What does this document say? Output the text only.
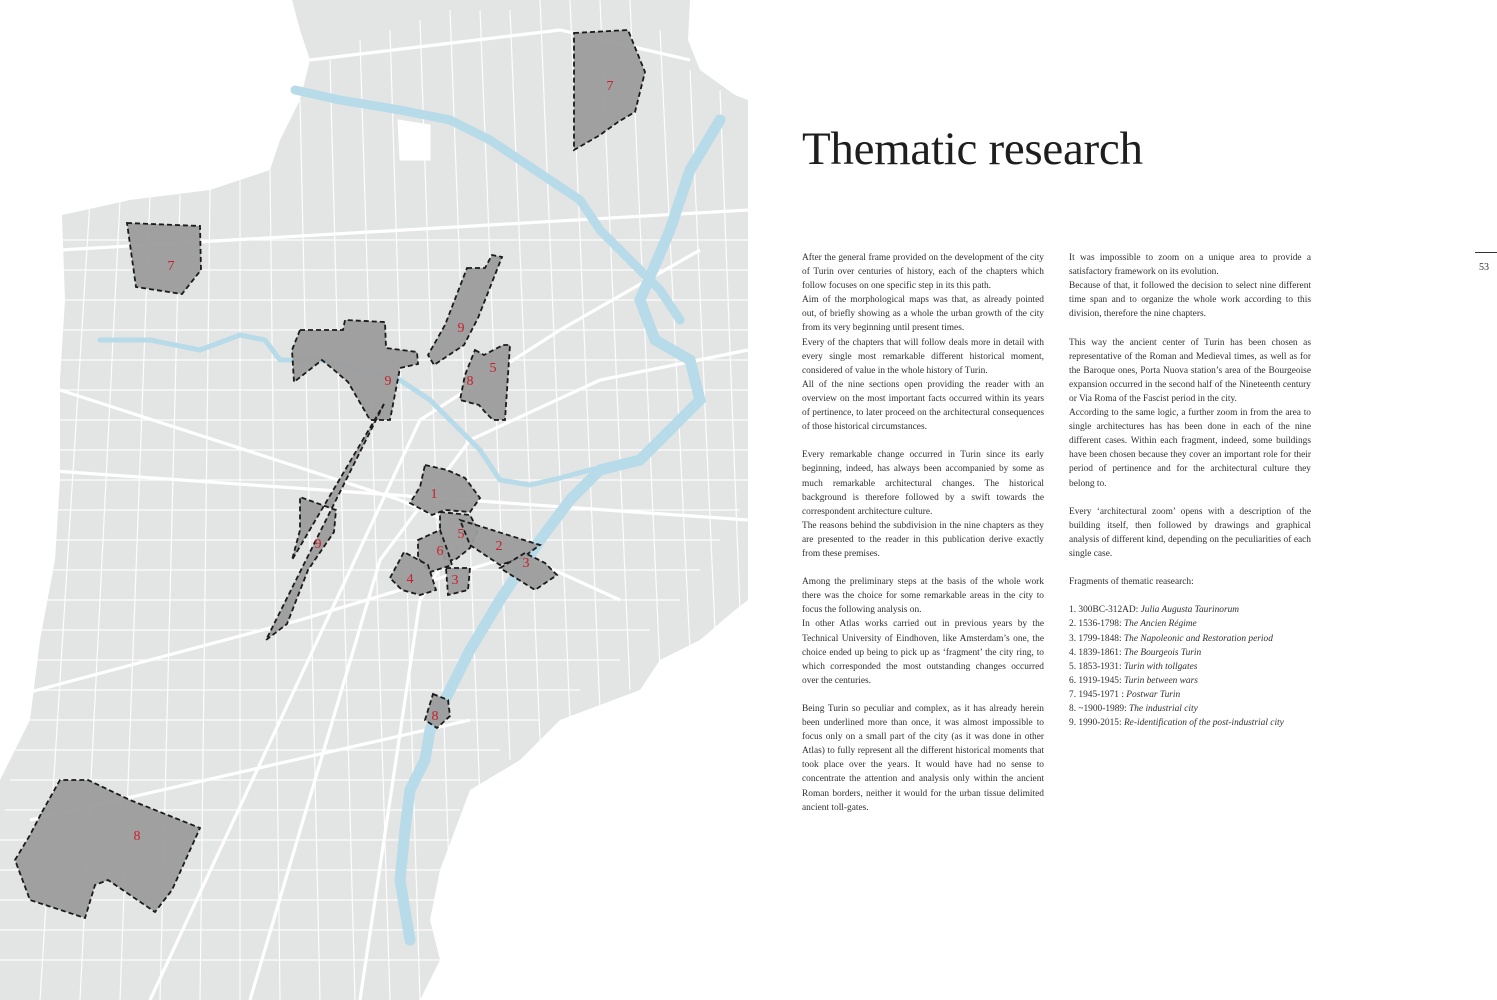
7
7
9
9
9
5
8
1
5
2
3
6
4	3
8
8
Thematic research
53

After the general frame provided on the development of the city of Turin over centuries of history, each of the chapters which follow focuses on one specific step in its this path.

Aim of the morphological maps was that, as already pointed out, of briefly showing as a whole the urban growth of the city from its very beginning until present times.

Every of the chapters that will follow deals more in detail with every single most remarkable different historical moment, considered of value in the whole history of Turin.

All of the nine sections open providing the reader with an overview on the most important facts occurred within its years of pertinence, to later proceed on the architectural consequences of those historical circumstances.

Every remarkable change occurred in Turin since its early beginning, indeed, has always been accompanied by some as much remarkable architectural changes. The historical background is therefore followed by a swift towards the correspondent architecture culture.

The reasons behind the subdivision in the nine chapters as they are presented to the reader in this publication derive exactly from these premises.

Among the preliminary steps at the basis of the whole work there was the choice for some remarkable areas in the city to focus the following analysis on.

In other Atlas works carried out in previous years by the Technical University of Eindhoven, like Amsterdam’s one, the choice ended up being to pick up as ‘fragment’ the city ring, to which corresponded the most outstanding changes occurred over the centuries.

Being Turin so peculiar and complex, as it has already herein been underlined more than once, it was almost impossible to focus only on a small part of the city (as it was done in other Atlas) to fully represent all the different historical moments that took place over the years. It would have had no sense to concentrate the attention and analysis only within the ancient Roman borders, neither it would for the urban tissue delimited ancient toll-gates.

It was impossible to zoom on a unique area to provide a satisfactory framework on its evolution.

Because of that, it followed the decision to select nine different time span and to organize the whole work according to this division, therefore the nine chapters.

This way the ancient center of Turin has been chosen as representative of the Roman and Medieval times, as well as for the Baroque ones, Porta Nuova station’s area of the Bourgeoise expansion occurred in the second half of the Nineteenth century or Via Roma of the Fascist period in the city.

According to the same logic, a further zoom in from the area to single architectures has has been done in each of the nine different cases. Within each fragment, indeed, some buildings have been chosen because they cover an important role for their period of pertinence and for the architectural culture they belong to.

Every ‘architectural zoom’ opens with a description of the building itself, then followed by drawings and graphical analysis of different kind, depending on the peculiarities of each single case.

Fragments of thematic reasearch:

1. 300BC-312AD: Julia Augusta Taurinorum
2. 1536-1798: The Ancien Régime
3. 1799-1848: The Napoleonic and Restoration period
4. 1839-1861: The Bourgeois Turin
5. 1853-1931: Turin with tollgates
6. 1919-1945: Turin between wars
7. 1945-1971 : Postwar Turin
8. ~1900-1989: The industrial city
9. 1990-2015: Re-identification of the post-industrial city
